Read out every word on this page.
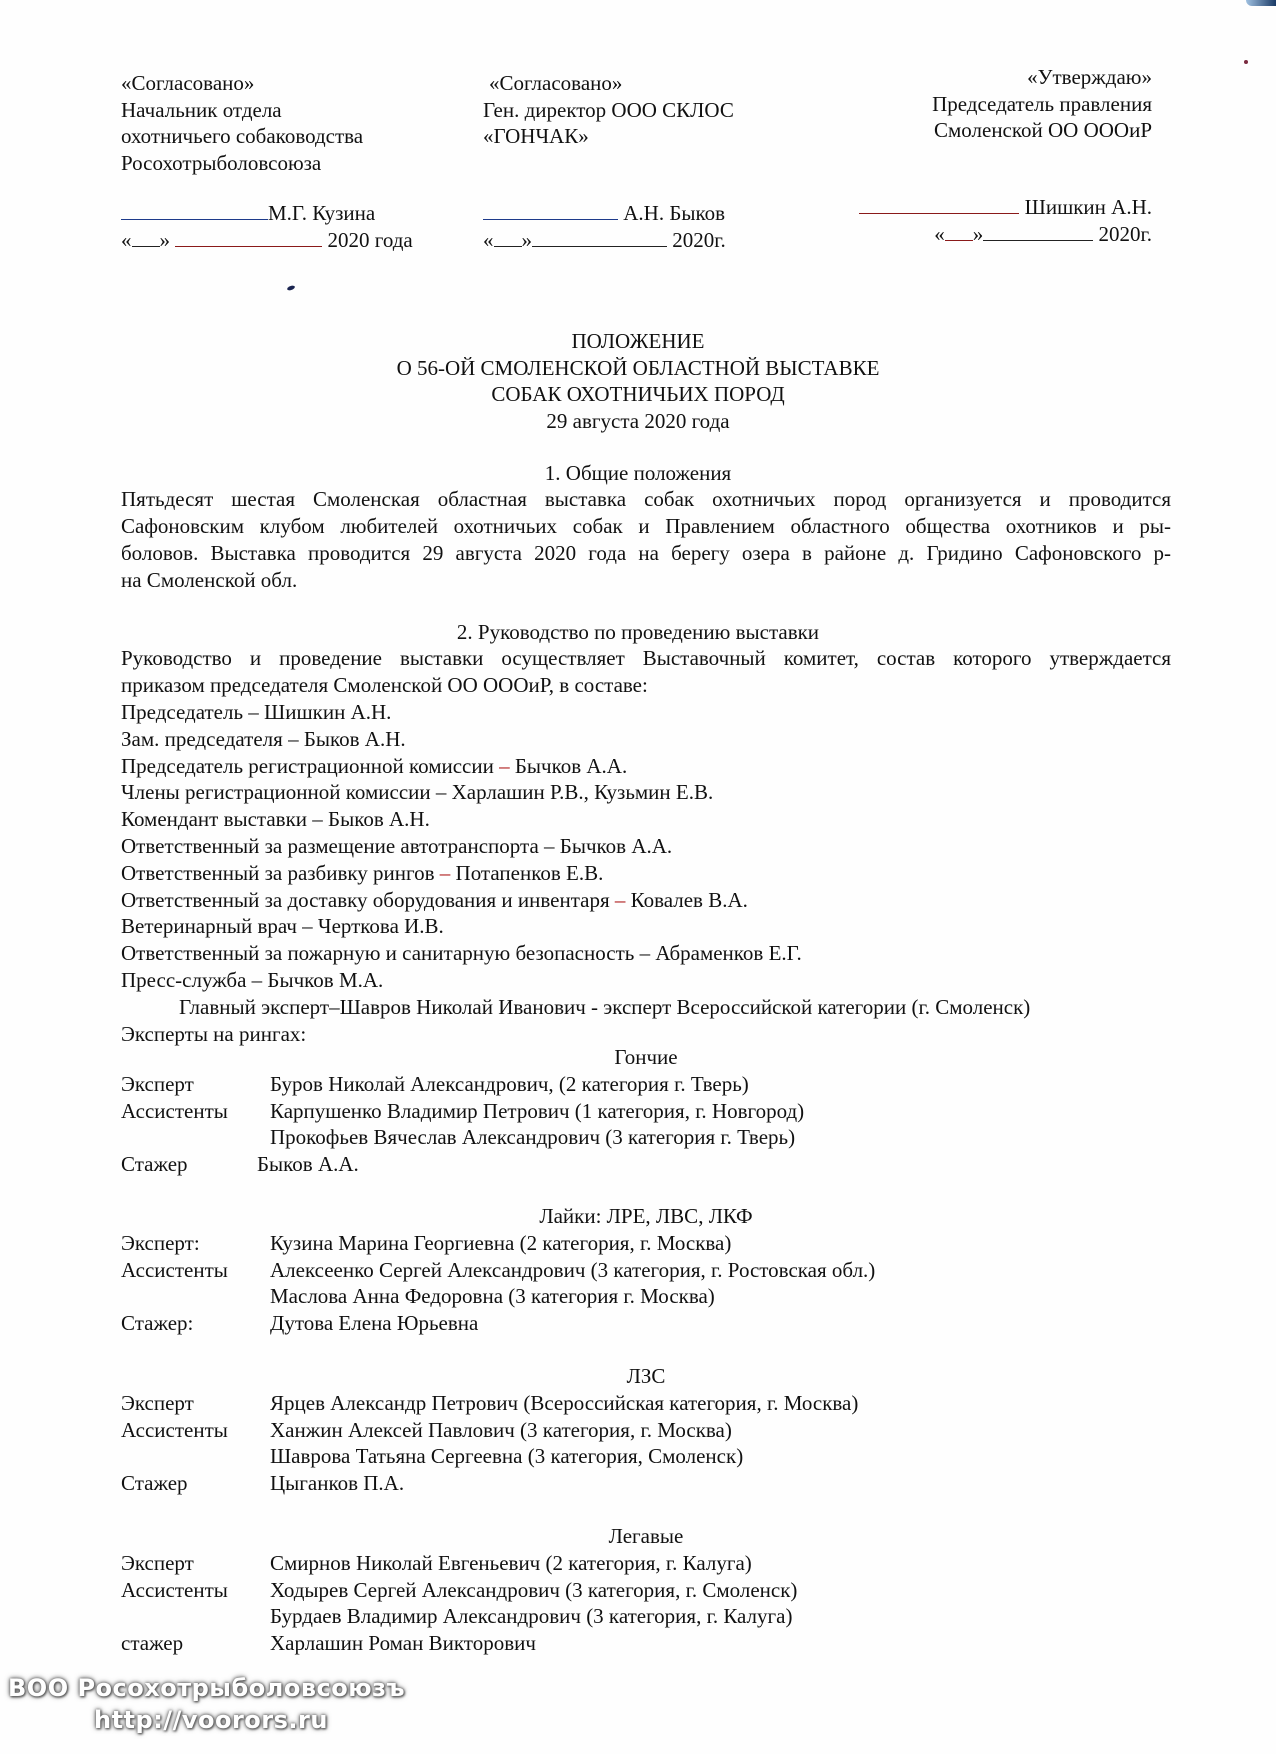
«Согласовано»
Начальник отдела
охотничьего собаководства
Росохотрыболовсоюза
М.Г. Кузина
« »	2020 года
«Согласовано»
Ген. директор ООО СКЛОС
«ГОНЧАК»
А.Н. Быков
« »	2020г.
«Утверждаю»
Председатель правления
Смоленской ОО ОООиР
Шишкин А.Н.
« »	2020г.
ПОЛОЖЕНИЕ
О 56-ОЙ СМОЛЕНСКОЙ ОБЛАСТНОЙ ВЫСТАВКЕ
СОБАК ОХОТНИЧЬИХ ПОРОД
29 августа 2020 года
1. Общие положения
Пятьдесят шестая Смоленская областная выставка собак охотничьих пород организуется и проводится
Сафоновским клубом любителей охотничьих собак и Правлением областного общества охотников и ры-
боловов. Выставка проводится 29 августа 2020 года на берегу озера в районе д. Гридино Сафоновского р-
на Смоленской обл.
2. Руководство по проведению выставки
Руководство и проведение выставки осуществляет Выставочный комитет, состав которого утверждается
приказом председателя Смоленской ОО ОООиР, в составе:
Председатель – Шишкин А.Н.
Зам. председателя – Быков А.Н.
Председатель регистрационной комиссии – Бычков А.А.
Члены регистрационной комиссии – Харлашин Р.В., Кузьмин Е.В.
Комендант выставки – Быков А.Н.
Ответственный за размещение автотранспорта – Бычков А.А.
Ответственный за разбивку рингов – Потапенков Е.В.
Ответственный за доставку оборудования и инвентаря – Ковалев В.А.
Ветеринарный врач – Черткова И.В.
Ответственный за пожарную и санитарную безопасность – Абраменков Е.Г.
Пресс-служба – Бычков М.А.
Главный эксперт–Шавров Николай Иванович - эксперт Всероссийской категории (г. Смоленск)
Эксперты на рингах:
Гончие
Эксперт	Буров Николай Александрович, (2 категория г. Тверь)
Ассистенты	Карпушенко Владимир Петрович (1 категория, г. Новгород)
Прокофьев Вячеслав Александрович (3 категория г. Тверь)
Стажер	Быков А.А.
Лайки: ЛРЕ, ЛВС, ЛКФ
Эксперт:	Кузина Марина Георгиевна (2 категория, г. Москва)
Ассистенты	Алексеенко Сергей Александрович (3 категория, г. Ростовская обл.)
Маслова Анна Федоровна (3 категория г. Москва)
Стажер:	Дутова Елена Юрьевна
ЛЗС
Эксперт	Ярцев Александр Петрович (Всероссийская категория, г. Москва)
Ассистенты	Ханжин Алексей Павлович (3 категория, г. Москва)
Шаврова Татьяна Сергеевна (3 категория, Смоленск)
Стажер	Цыганков П.А.
Легавые
Эксперт	Смирнов Николай Евгеньевич (2 категория, г. Калуга)
Ассистенты	Ходырев Сергей Александрович (3 категория, г. Смоленск)
Бурдаев Владимир Александрович (3 категория, г. Калуга)
стажер	Харлашин Роман Викторович
ВОО Росохотрыболовсоюзъ
http://voorors.ru
